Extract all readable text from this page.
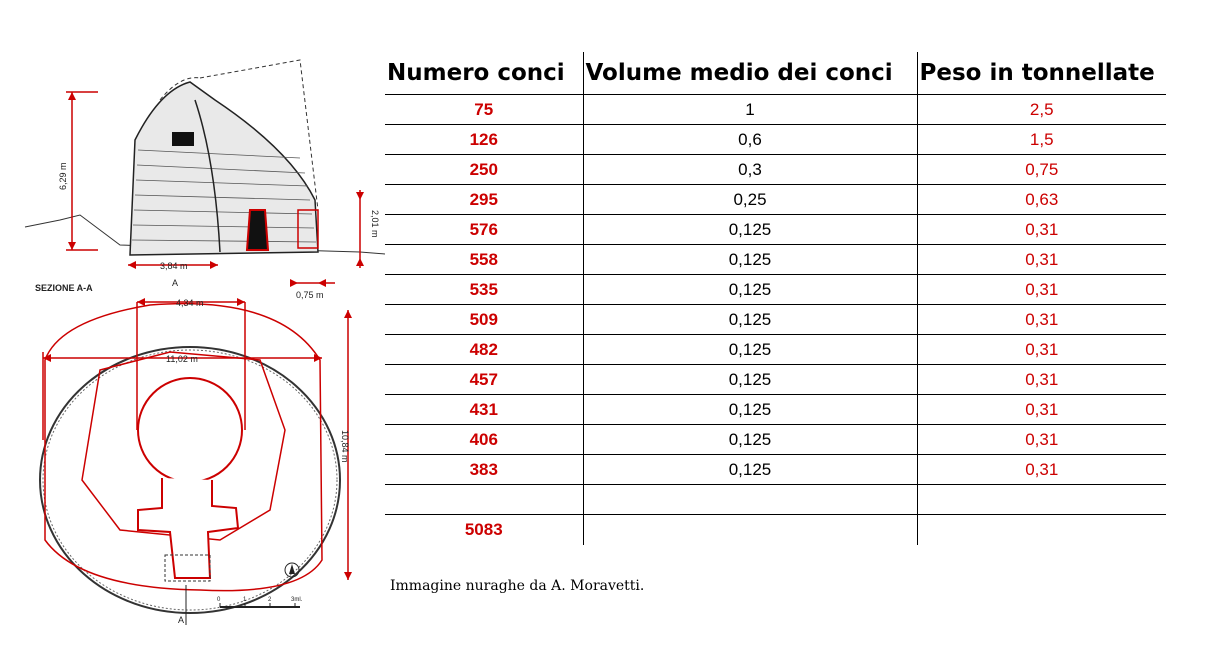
6,29 m
2,01 m
3,84 m
0,75 m
SEZIONE A-A	A
4,34 m
11,02 m
10,84 m
A
0	1	2	3ml.
Numero conci	Volume medio dei conci	Peso in tonnellate
75	1	2,5
126	0,6	1,5
250	0,3	0,75
295	0,25	0,63
576	0,125	0,31
558	0,125	0,31
535	0,125	0,31
509	0,125	0,31
482	0,125	0,31
457	0,125	0,31
431	0,125	0,31
406	0,125	0,31
383	0,125	0,31

5083		
Immagine nuraghe da A. Moravetti.
